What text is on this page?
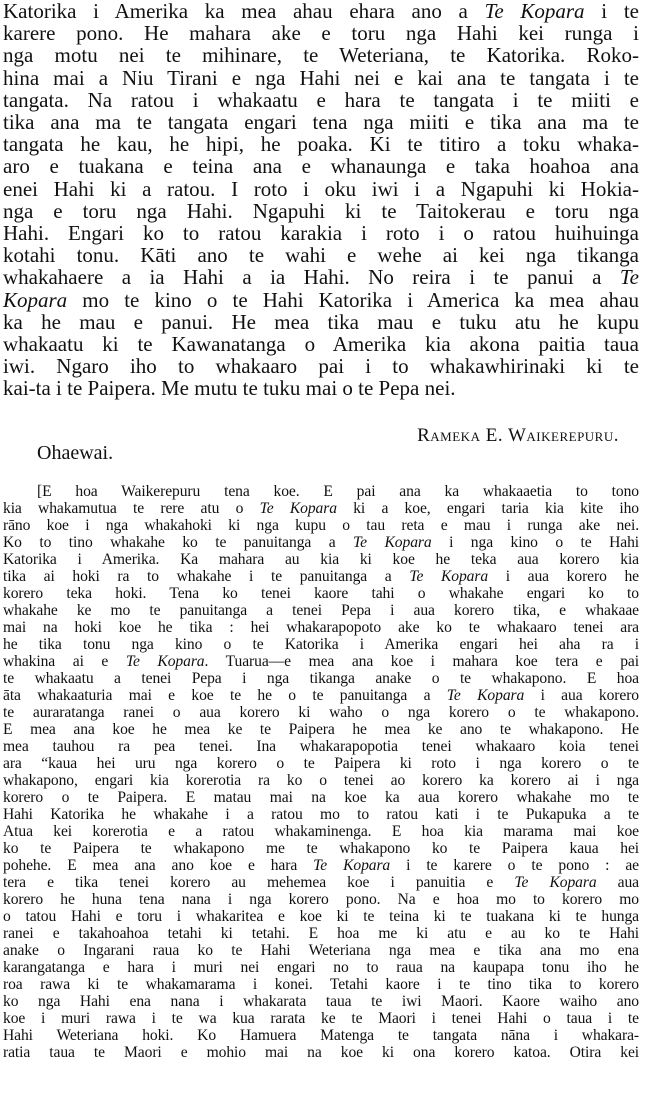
Katorika i Amerika ka mea ahau ehara ano a Te Kopara i te
karere pono. He mahara ake e toru nga Hahi kei runga i
nga motu nei te mihinare, te Weteriana, te Katorika. Roko-
hina mai a Niu Tirani e nga Hahi nei e kai ana te tangata i te
tangata. Na ratou i whakaatu e hara te tangata i te miiti e
tika ana ma te tangata engari tena nga miiti e tika ana ma te
tangata he kau, he hipi, he poaka. Ki te titiro a toku whaka-
aro e tuakana e teina ana e whanaunga e taka hoahoa ana
enei Hahi ki a ratou. I roto i oku iwi i a Ngapuhi ki Hokia-
nga e toru nga Hahi. Ngapuhi ki te Taitokerau e toru nga
Hahi. Engari ko to ratou karakia i roto i o ratou huihuinga
kotahi tonu. Kāti ano te wahi e wehe ai kei nga tikanga
whakahaere a ia Hahi a ia Hahi. No reira i te panui a Te
Kopara mo te kino o te Hahi Katorika i America ka mea ahau
ka he mau e panui. He mea tika mau e tuku atu he kupu
whakaatu ki te Kawanatanga o Amerika kia akona paitia taua
iwi. Ngaro iho to whakaaro pai i to whakawhirinaki ki te
kai-ta i te Paipera. Me mutu te tuku mai o te Pepa nei.
Rameka E. Waikerepuru.
Ohaewai.
[E hoa Waikerepuru tena koe. E pai ana ka whakaaetia to tono
kia whakamutua te rere atu o Te Kopara ki a koe, engari taria kia kite iho
rāno koe i nga whakahoki ki nga kupu o tau reta e mau i runga ake nei.
Ko to tino whakahe ko te panuitanga a Te Kopara i nga kino o te Hahi
Katorika i Amerika. Ka mahara au kia ki koe he teka aua korero kia
tika ai hoki ra to whakahe i te panuitanga a Te Kopara i aua korero he
korero teka hoki. Tena ko tenei kaore tahi o whakahe engari ko to
whakahe ke mo te panuitanga a tenei Pepa i aua korero tika, e whakaae
mai na hoki koe he tika : hei whakarapopoto ake ko te whakaaro tenei ara
he tika tonu nga kino o te Katorika i Amerika engari hei aha ra i
whakina ai e Te Kopara. Tuarua—e mea ana koe i mahara koe tera e pai
te whakaatu a tenei Pepa i nga tikanga anake o te whakapono. E hoa
āta whakaaturia mai e koe te he o te panuitanga a Te Kopara i aua korero
te auraratanga ranei o aua korero ki waho o nga korero o te whakapono.
E mea ana koe he mea ke te Paipera he mea ke ano te whakapono. He
mea tauhou ra pea tenei. Ina whakarapopotia tenei whakaaro koia tenei
ara “kaua hei uru nga korero o te Paipera ki roto i nga korero o te
whakapono, engari kia korerotia ra ko o tenei ao korero ka korero ai i nga
korero o te Paipera. E matau mai na koe ka aua korero whakahe mo te
Hahi Katorika he whakahe i a ratou mo to ratou kati i te Pukapuka a te
Atua kei korerotia e a ratou whakaminenga. E hoa kia marama mai koe
ko te Paipera te whakapono me te whakapono ko te Paipera kaua hei
pohehe. E mea ana ano koe e hara Te Kopara i te karere o te pono : ae
tera e tika tenei korero au mehemea koe i panuitia e Te Kopara aua
korero he huna tena nana i nga korero pono. Na e hoa mo to korero mo
o tatou Hahi e toru i whakaritea e koe ki te teina ki te tuakana ki te hunga
ranei e takahoahoa tetahi ki tetahi. E hoa me ki atu e au ko te Hahi
anake o Ingarani raua ko te Hahi Weteriana nga mea e tika ana mo ena
karangatanga e hara i muri nei engari no to raua na kaupapa tonu iho he
roa rawa ki te whakamarama i konei. Tetahi kaore i te tino tika to korero
ko nga Hahi ena nana i whakarata taua te iwi Maori. Kaore waiho ano
koe i muri rawa i te wa kua rarata ke te Maori i tenei Hahi o taua i te
Hahi Weteriana hoki. Ko Hamuera Matenga te tangata nāna i whakara-
ratia taua te Maori e mohio mai na koe ki ona korero katoa. Otira kei
